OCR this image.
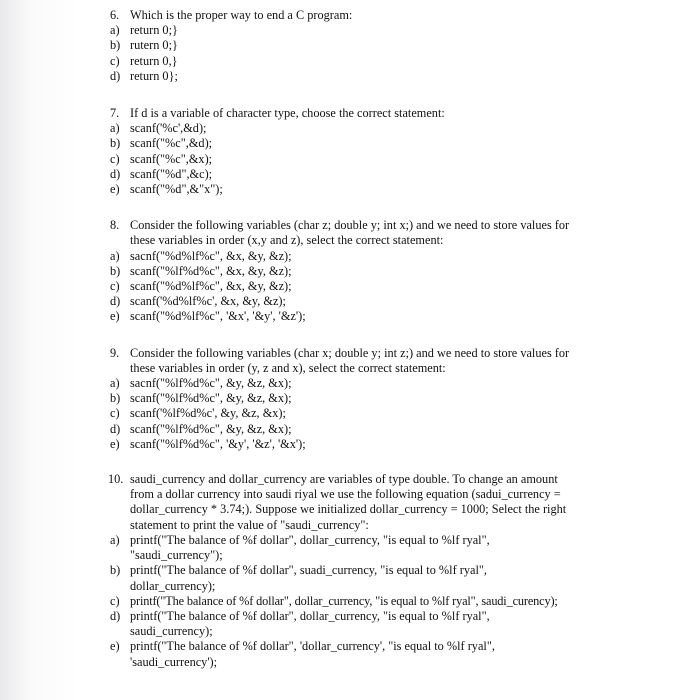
6. Which is the proper way to end a C program:
a) return 0;}
b) rutern 0;}
c) return 0,}
d) return 0};
7. If d is a variable of character type, choose the correct statement:
a) scanf('%c',&d);
b) scanf("%c",&d);
c) scanf("%c",&x);
d) scanf("%d",&c);
e) scanf("%d",&"x");
8. Consider the following variables (char z; double y; int x;) and we need to store values for
these variables in order (x,y and z), select the correct statement:
a) sacnf("%d%lf%c", &x, &y, &z);
b) scanf("%lf%d%c", &x, &y, &z);
c) scanf("%d%lf%c", &x, &y, &z);
d) scanf('%d%lf%c', &x, &y, &z);
e) scanf("%d%lf%c", '&x', '&y', '&z');
9. Consider the following variables (char x; double y; int z;) and we need to store values for
these variables in order (y, z and x), select the correct statement:
a) sacnf("%lf%d%c", &y, &z, &x);
b) scanf("%lf%d%c", &y, &z, &x);
c) scanf('%lf%d%c', &y, &z, &x);
d) scanf("%lf%d%c", &y, &z, &x);
e) scanf("%lf%d%c", '&y', '&z', '&x');
10. saudi_currency and dollar_currency are variables of type double. To change an amount
from a dollar currency into saudi riyal we use the following equation (sadui_currency =
dollar_currency * 3.74;). Suppose we initialized dollar_currency = 1000; Select the right
statement to print the value of "saudi_currency":
a) printf("The balance of %f dollar", dollar_currency, "is equal to %lf ryal",
"saudi_currency");
b) printf("The balance of %f dollar", suadi_currency, "is equal to %lf ryal",
dollar_currency);
c) printf("The balance of %f dollar", dollar_currency, "is equal to %lf ryal", saudi_curency);
d) printf("The balance of %f dollar", dollar_currency, "is equal to %lf ryal",
saudi_currency);
e) printf("The balance of %f dollar", 'dollar_currency', "is equal to %lf ryal",
'saudi_currency');
